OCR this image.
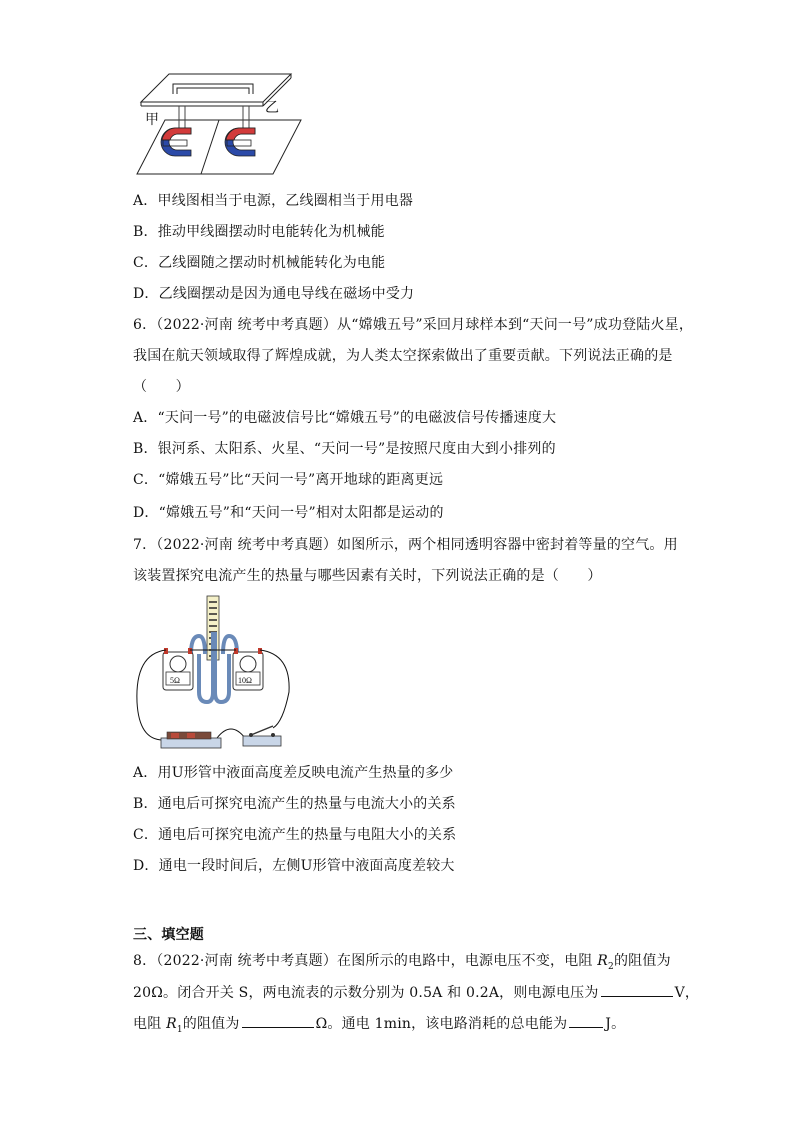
甲
乙
A．甲线图相当于电源，乙线圈相当于用电器
B．推动甲线圈摆动时电能转化为机械能
C．乙线圈随之摆动时机械能转化为电能
D．乙线圈摆动是因为通电导线在磁场中受力
6．（2022·河南 统考中考真题）从“嫦娥五号”采回月球样本到“天问一号”成功登陆火星，
我国在航天领域取得了辉煌成就，为人类太空探索做出了重要贡献。下列说法正确的是
（　　）
A．“天问一号”的电磁波信号比“嫦娥五号”的电磁波信号传播速度大
B．银河系、太阳系、火星、“天问一号”是按照尺度由大到小排列的
C．“嫦娥五号”比“天问一号”离开地球的距离更远
D．“嫦娥五号”和“天问一号”相对太阳都是运动的
7．（2022·河南 统考中考真题）如图所示，两个相同透明容器中密封着等量的空气。用
该装置探究电流产生的热量与哪些因素有关时，下列说法正确的是（　　）
5Ω	10Ω
A．用U形管中液面高度差反映电流产生热量的多少
B．通电后可探究电流产生的热量与电流大小的关系
C．通电后可探究电流产生的热量与电阻大小的关系
D．通电一段时间后，左侧U形管中液面高度差较大
三、填空题
8．（2022·河南 统考中考真题）在图所示的电路中，电源电压不变，电阻 $R_2$的阻值为
20Ω。闭合开关 S，两电流表的示数分别为 0.5A 和 0.2A，则电源电压为	V，
电阻 $R_1$的阻值为	Ω。通电 1min，该电路消耗的总电能为	J。
